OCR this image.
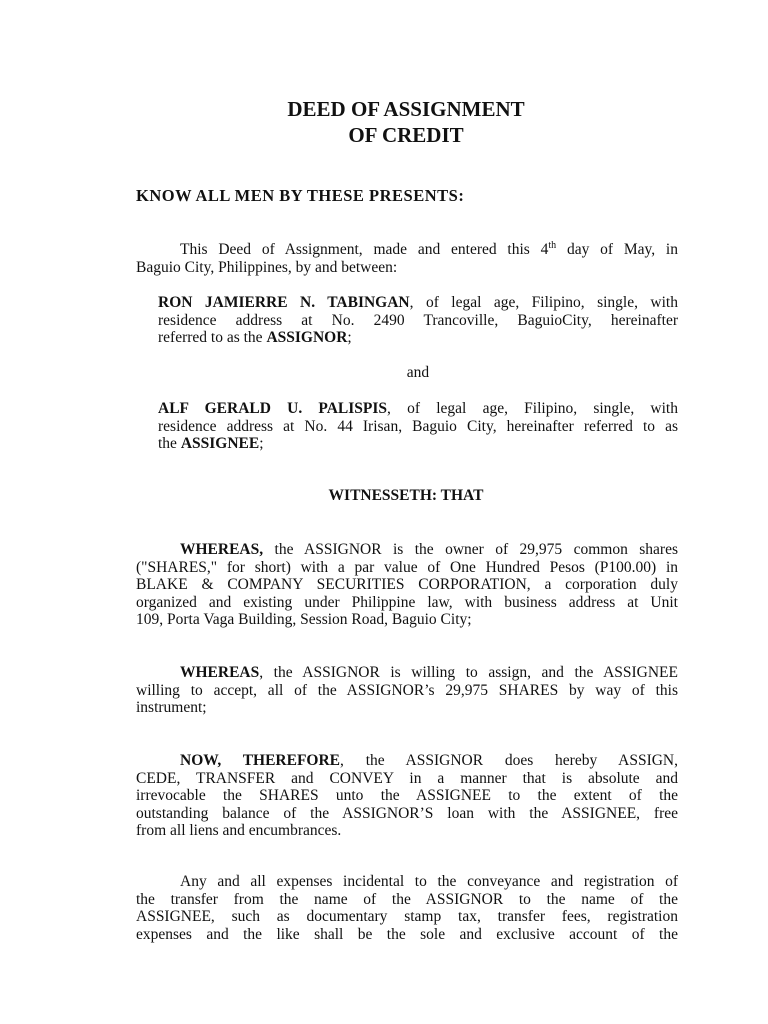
DEED OF ASSIGNMENT
OF CREDIT
KNOW ALL MEN BY THESE PRESENTS:

This Deed of Assignment, made and entered this 4th day of May, in
Baguio City, Philippines, by and between:

RON JAMIERRE N. TABINGAN, of legal age, Filipino, single, with
residence address at No. 2490 Trancoville, BaguioCity, hereinafter
referred to as the ASSIGNOR;

and

ALF GERALD U. PALISPIS, of legal age, Filipino, single, with
residence address at No. 44 Irisan, Baguio City, hereinafter referred to as
the ASSIGNEE;

WITNESSETH: THAT

WHEREAS, the ASSIGNOR is the owner of 29,975 common shares
("SHARES," for short) with a par value of One Hundred Pesos (P100.00) in
BLAKE & COMPANY SECURITIES CORPORATION, a corporation duly
organized and existing under Philippine law, with business address at Unit
109, Porta Vaga Building, Session Road, Baguio City;

WHEREAS, the ASSIGNOR is willing to assign, and the ASSIGNEE
willing to accept, all of the ASSIGNOR’s 29,975 SHARES by way of this
instrument;

NOW, THEREFORE, the ASSIGNOR does hereby ASSIGN,
CEDE, TRANSFER and CONVEY in a manner that is absolute and
irrevocable the SHARES unto the ASSIGNEE to the extent of the
outstanding balance of the ASSIGNOR’S loan with the ASSIGNEE, free
from all liens and encumbrances.

Any and all expenses incidental to the conveyance and registration of
the transfer from the name of the ASSIGNOR to the name of the
ASSIGNEE, such as documentary stamp tax, transfer fees, registration
expenses and the like shall be the sole and exclusive account of the
